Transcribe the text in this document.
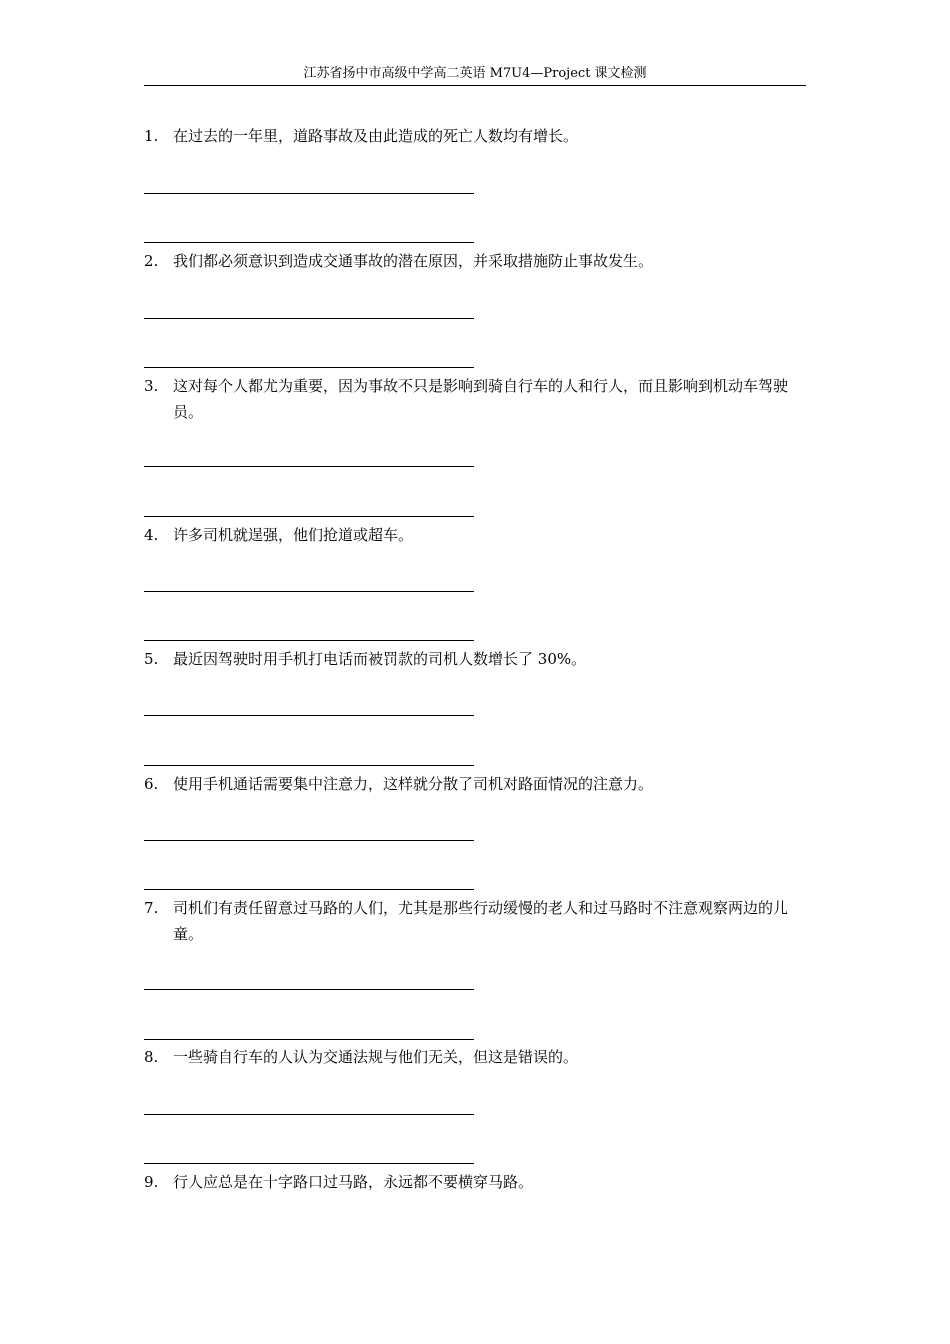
江苏省扬中市高级中学高二英语 M7U4—Project 课文检测
1. 在过去的一年里，道路事故及由此造成的死亡人数均有增长。
2. 我们都必须意识到造成交通事故的潜在原因，并采取措施防止事故发生。
3. 这对每个人都尤为重要，因为事故不只是影响到骑自行车的人和行人，而且影响到机动车驾驶员。
4. 许多司机就逞强，他们抢道或超车。
5. 最近因驾驶时用手机打电话而被罚款的司机人数增长了 30%。
6. 使用手机通话需要集中注意力，这样就分散了司机对路面情况的注意力。
7. 司机们有责任留意过马路的人们，尤其是那些行动缓慢的老人和过马路时不注意观察两边的儿童。
8. 一些骑自行车的人认为交通法规与他们无关，但这是错误的。
9. 行人应总是在十字路口过马路，永远都不要横穿马路。
